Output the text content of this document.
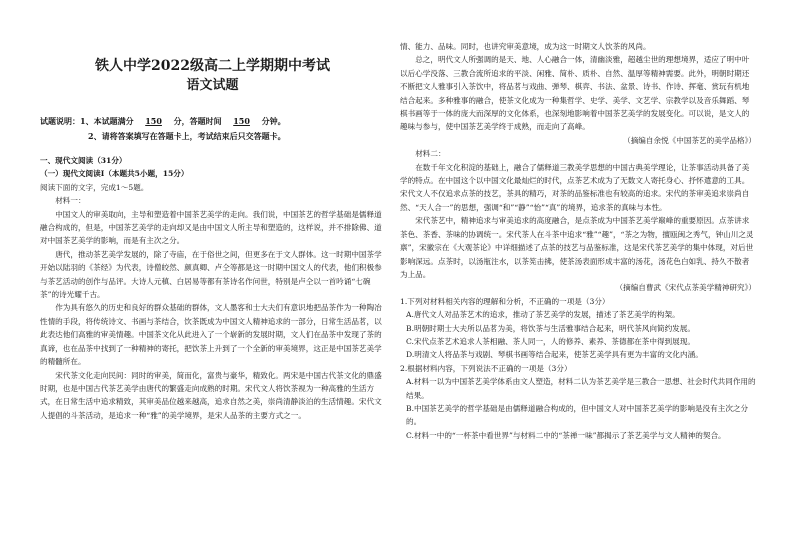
铁人中学2022级高二上学期期中考试

语文试题

试题说明：1、本试题满分 150 分，答题时间 150 分钟。

2、请将答案填写在答题卡上，考试结束后只交答题卡。

一、现代文阅读（31分）

（一）现代文阅读Ⅰ（本题共5小题，15分）

阅读下面的文字，完成1～5题。

材料一：

中国文人的审美取向，主导和塑造着中国茶艺美学的走向。我们说，中国茶艺的哲学基础是儒释道融合构成的，但是，中国茶艺美学的走向却又是由中国文人所主导和塑造的，这样说，并不排除佛、道对中国茶艺美学的影响，而是有主次之分。

唐代，推动茶艺美学发展的，除了寺庙，在于俗世之间，但更多在于文人群体。这一时期中国茶学开始以陆羽的《茶经》为代表，诗僧皎然、颜真卿、卢仝等都是这一时期中国文人的代表，他们积极参与茶艺活动的创作与品评。大诗人元稹、白居易等都有茶诗名作问世，特别是卢仝以一首吟诵“七碗茶”的诗光耀千古。

作为具有悠久的历史和良好的群众基础的群体，文人墨客和士大夫们有意识地把品茶作为一种陶冶性情的手段，将传统诗文、书画与茶结合，饮茶既成为中国文人精神追求的一部分，日常生活品茗，以此表达他们高雅的审美情趣。中国茶文化从此进入了一个崭新的发展时期，文人们在品茶中发现了茶的真谛，也在品茶中找到了一种精神的寄托，把饮茶上升到了一个全新的审美境界，这正是中国茶艺美学的精髓所在。

宋代茶文化走向民间：同时的审美，简而化，富贵与豪华，精致化。两宋是中国古代茶文化的鼎盛时期，也是中国古代茶艺美学由唐代的繁盛走向成熟的时期。宋代文人将饮茶视为一种高雅的生活方式，在日常生活中追求精致，其审美品位越来越高，追求自然之美，崇尚清静淡泊的生活情趣。宋代文人提倡的斗茶活动，是追求一种“雅”的美学境界，是宋人品茶的主要方式之一。

情、能力、品味。同时，也讲究审美意境，成为这一时期文人饮茶的风尚。

总之，明代文人所强调的是天、地、人心融合一体，清幽淡雅，超越尘世的理想境界，适应了明中叶以后心学没落、三教合流所追求的平淡、闲雅、简朴、质朴、自然、温厚等精神需要。此外，明朝时期还不断把文人雅事引入茶饮中，将品茗与戏曲、弹琴、棋弈、书法、盆景、诗书、作诗、挥毫、赏玩有机地结合起来。多种雅事的融合，使茶文化成为一种集哲学、史学、美学、文艺学、宗教学以及音乐舞蹈、琴棋书画等于一体的庞大而深厚的文化体系，也深刻地影响着中国茶艺美学的发展变化。可以说，是文人的趣味与参与，使中国茶艺美学终于成熟，而走向了高峰。

（摘编自余悦《中国茶艺的美学品格》）

材料二：

在数千年文化积淀的基础上，融合了儒释道三教美学思想的中国古典美学理论，让茶事活动具备了美学的特点。在中国这个以中国文化最灿烂的时代，点茶艺术成为了无数文人寄托身心、抒怀遣意的工具。宋代文人不仅追求点茶的技艺，茶具的精巧，对茶的品鉴标准也有较高的追求。宋代的茶审美追求崇尚自然、“天人合一”的思想，强调“和”“静”“怡”“真”的境界，追求茶的真味与本性。

宋代茶艺中，精神追求与审美追求的高度融合，是点茶成为中国茶艺美学巅峰的重要原因。点茶讲求茶色、茶香、茶味的协调统一。宋代茶人在斗茶中追求“雅”“趣”，“茶之为物，擅瓯闽之秀气，钟山川之灵禀”，宋徽宗在《大观茶论》中详细描述了点茶的技艺与品鉴标准，这是宋代茶艺美学的集中体现，对后世影响深远。点茶时，以汤瓶注水，以茶筅击拂，使茶汤表面形成丰富的汤花，汤花色白如乳、持久不散者为上品。

（摘编自曹武《宋代点茶美学精神研究》）

1.下列对材料相关内容的理解和分析，不正确的一项是（3分）

A.唐代文人对品茶艺术的追求，推动了茶艺美学的发展，描述了茶艺美学的构架。

B.明朝时期士大夫所以品茗为美，将饮茶与生活雅事结合起来，明代茶风向简约发展。

C.宋代点茶艺术追求人茶相融、茶人同一，人的修养、素养、茶德都在茶中得到展现。

D.明清文人将品茶与戏剧、琴棋书画等结合起来，使茶艺美学具有更为丰富的文化内涵。

2.根据材料内容，下列说法不正确的一项是（3分）

A.材料一以为中国茶艺美学体系由文人塑造，材料二认为茶艺美学是三教合一思想、社会时代共同作用的结果。

B.中国茶艺美学的哲学基础是由儒释道融合构成的，但中国文人对中国茶艺美学的影响是没有主次之分的。

C.材料一中的“一杯茶中看世界”与材料二中的“茶禅一味”都揭示了茶艺美学与文人精神的契合。
